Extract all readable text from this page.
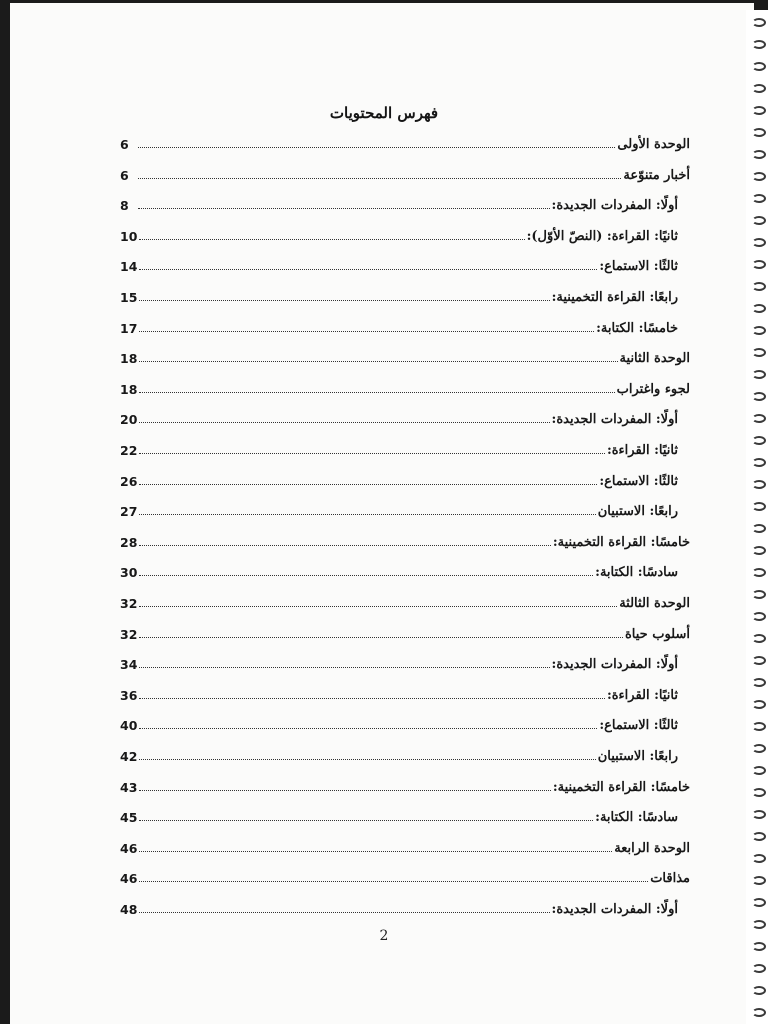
فهرس المحتويات
الوحدة الأولى
6
أخبار متنوّعة
6
أولًا: المفردات الجديدة:
8
ثانيًا: القراءة: (النصّ الأوّل):
10
ثالثًا: الاستماع:
14
رابعًا: القراءة التخمينية:
15
خامسًا: الكتابة:
17
الوحدة الثانية
18
لجوء واغتراب
18
أولًا: المفردات الجديدة:
20
ثانيًا: القراءة:
22
ثالثًا: الاستماع:
26
رابعًا: الاستبيان
27
خامسًا: القراءة التخمينية:
28
سادسًا: الكتابة:
30
الوحدة الثالثة
32
أسلوب حياة
32
أولًا: المفردات الجديدة:
34
ثانيًا: القراءة:
36
ثالثًا: الاستماع:
40
رابعًا: الاستبيان
42
خامسًا: القراءة التخمينية:
43
سادسًا: الكتابة:
45
الوحدة الرابعة
46
مذاقات
46
أولًا: المفردات الجديدة:
48
2
